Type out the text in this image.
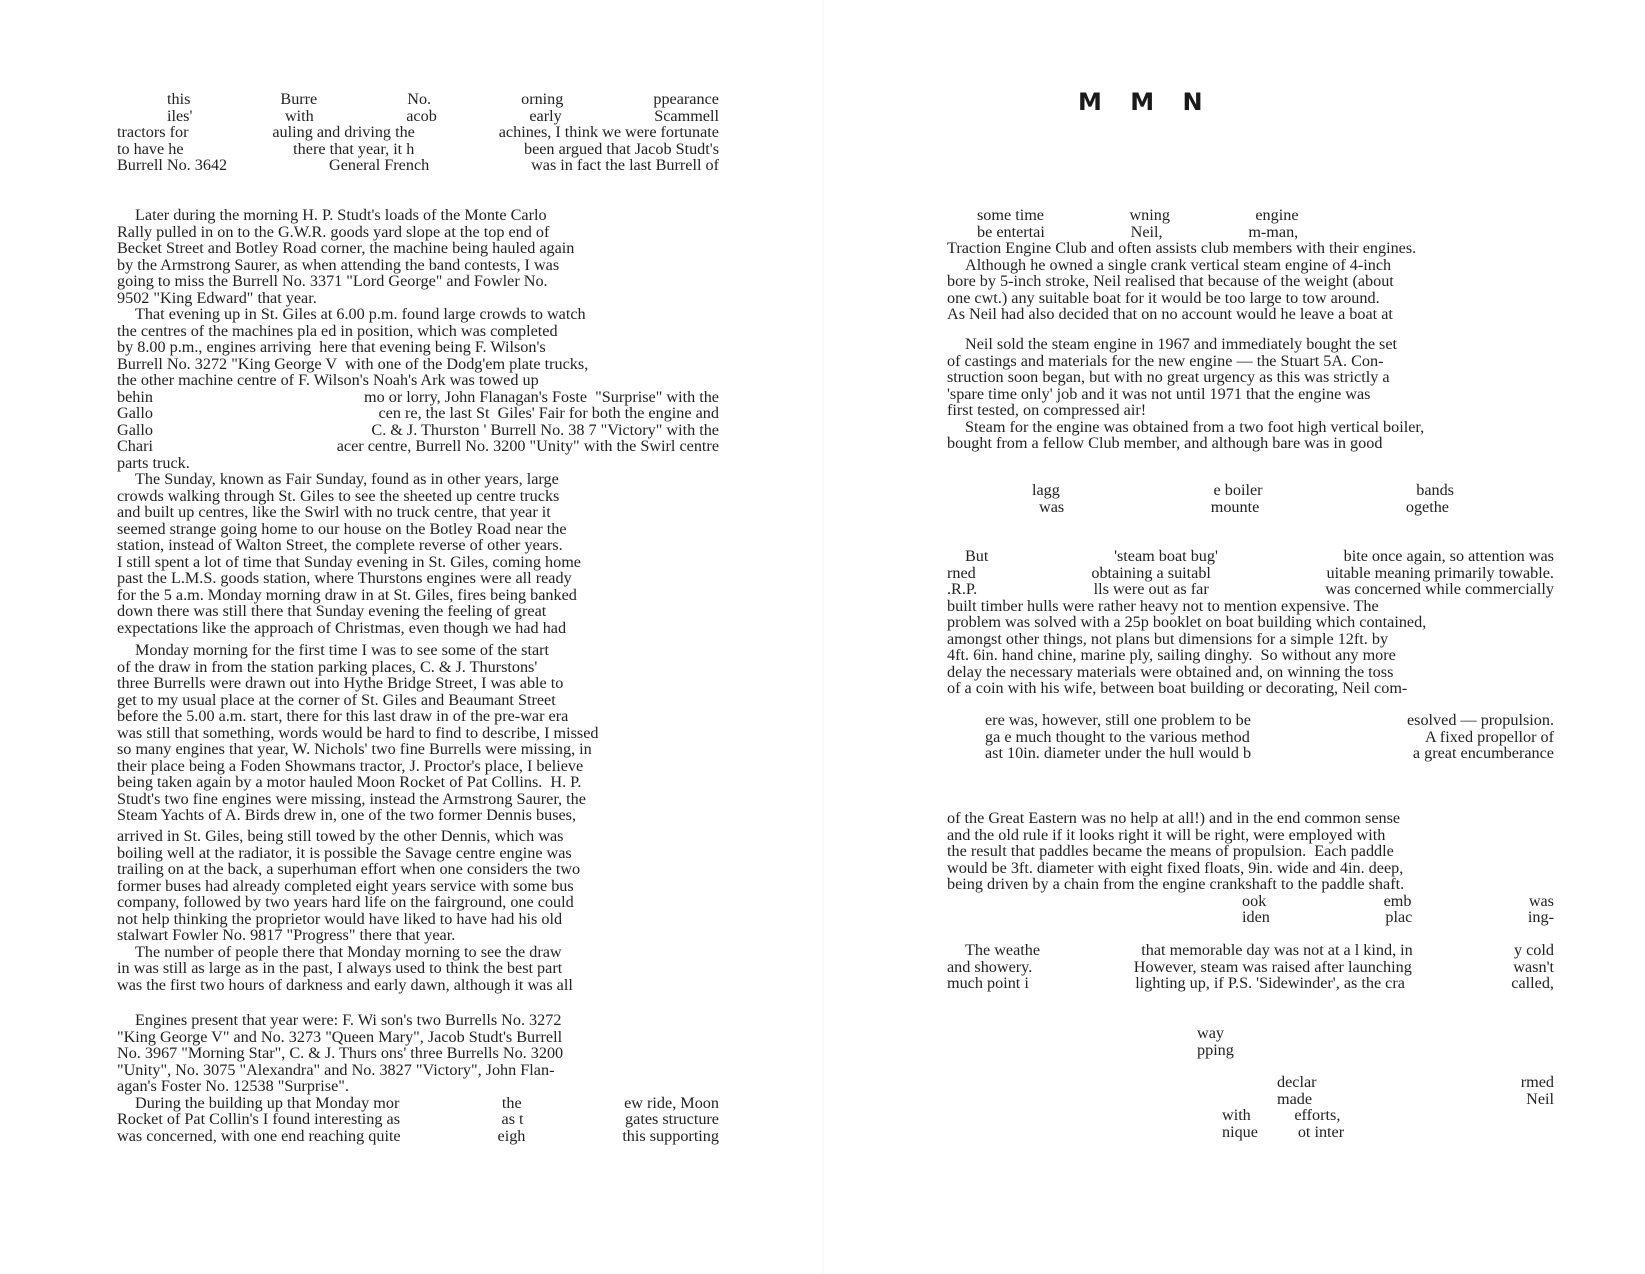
this	Burre	No.	orning	ppearance
iles'	with	acob	early	Scammell
tractors for	auling and driving the	achines, I think we were fortunate
to have he	there that year, it h	been argued that Jacob Studt's
Burrell No. 3642	General French	was in fact the last Burrell of
Later during the morning H. P. Studt's loads of the Monte Carlo
Rally pulled in on to the G.W.R. goods yard slope at the top end of
Becket Street and Botley Road corner, the machine being hauled again
by the Armstrong Saurer, as when attending the band contests, I was
going to miss the Burrell No. 3371 "Lord George" and Fowler No.
9502 "King Edward" that year.
That evening up in St. Giles at 6.00 p.m. found large crowds to watch
the centres of the machines pla ed in position, which was completed
by 8.00 p.m., engines arriving  here that evening being F. Wilson's
Burrell No. 3272 "King George V  with one of the Dodg'em plate trucks,
the other machine centre of F. Wilson's Noah's Ark was towed up
behin	mo or lorry, John Flanagan's Foste  "Surprise" with the
Gallo	cen re, the last St  Giles' Fair for both the engine and
Gallo	C. & J. Thurston ' Burrell No. 38 7 "Victory" with the
Chari	acer centre, Burrell No. 3200 "Unity" with the Swirl centre
parts truck.
The Sunday, known as Fair Sunday, found as in other years, large
crowds walking through St. Giles to see the sheeted up centre trucks
and built up centres, like the Swirl with no truck centre, that year it
seemed strange going home to our house on the Botley Road near the
station, instead of Walton Street, the complete reverse of other years.
I still spent a lot of time that Sunday evening in St. Giles, coming home
past the L.M.S. goods station, where Thurstons engines were all ready
for the 5 a.m. Monday morning draw in at St. Giles, fires being banked
down there was still there that Sunday evening the feeling of great
expectations like the approach of Christmas, even though we had had
Monday morning for the first time I was to see some of the start
of the draw in from the station parking places, C. & J. Thurstons'
three Burrells were drawn out into Hythe Bridge Street, I was able to
get to my usual place at the corner of St. Giles and Beaumant Street
before the 5.00 a.m. start, there for this last draw in of the pre-war era
was still that something, words would be hard to find to describe, I missed
so many engines that year, W. Nichols' two fine Burrells were missing, in
their place being a Foden Showmans tractor, J. Proctor's place, I believe
being taken again by a motor hauled Moon Rocket of Pat Collins.  H. P.
Studt's two fine engines were missing, instead the Armstrong Saurer, the
Steam Yachts of A. Birds drew in, one of the two former Dennis buses,
arrived in St. Giles, being still towed by the other Dennis, which was
boiling well at the radiator, it is possible the Savage centre engine was
trailing on at the back, a superhuman effort when one considers the two
former buses had already completed eight years service with some bus
company, followed by two years hard life on the fairground, one could
not help thinking the proprietor would have liked to have had his old
stalwart Fowler No. 9817 "Progress" there that year.
The number of people there that Monday morning to see the draw
in was still as large as in the past, I always used to think the best part
was the first two hours of darkness and early dawn, although it was all
Engines present that year were: F. Wi son's two Burrells No. 3272
"King George V" and No. 3273 "Queen Mary", Jacob Studt's Burrell
No. 3967 "Morning Star", C. & J. Thurs ons' three Burrells No. 3200
"Unity", No. 3075 "Alexandra" and No. 3827 "Victory", John Flan-
agan's Foster No. 12538 "Surprise".
During the building up that Monday mor	the	ew ride, Moon
Rocket of Pat Collin's I found interesting as	as t	gates structure
was concerned, with one end reaching quite	eigh	this supporting
M M N
some time	wning	engine
be entertai	Neil,	m-man,
Traction Engine Club and often assists club members with their engines.
Although he owned a single crank vertical steam engine of 4-inch
bore by 5-inch stroke, Neil realised that because of the weight (about
one cwt.) any suitable boat for it would be too large to tow around.
As Neil had also decided that on no account would he leave a boat at
Neil sold the steam engine in 1967 and immediately bought the set
of castings and materials for the new engine — the Stuart 5A. Con-
struction soon began, but with no great urgency as this was strictly a
'spare time only' job and it was not until 1971 that the engine was
first tested, on compressed air!
Steam for the engine was obtained from a two foot high vertical boiler,
bought from a fellow Club member, and although bare was in good
lagg	e boiler	bands
was	mounte	ogethe
But	'steam boat bug'	bite once again, so attention was
rned	obtaining a suitabl	uitable meaning primarily towable.
.R.P.	lls were out as far	was concerned while commercially
built timber hulls were rather heavy not to mention expensive. The
problem was solved with a 25p booklet on boat building which contained,
amongst other things, not plans but dimensions for a simple 12ft. by
4ft. 6in. hand chine, marine ply, sailing dinghy.  So without any more
delay the necessary materials were obtained and, on winning the toss
of a coin with his wife, between boat building or decorating, Neil com-
ere was, however, still one problem to be	esolved — propulsion.
ga e much thought to the various method	A fixed propellor of
ast 10in. diameter under the hull would b	a great encumberance
of the Great Eastern was no help at all!) and in the end common sense
and the old rule if it looks right it will be right, were employed with
the result that paddles became the means of propulsion.  Each paddle
would be 3ft. diameter with eight fixed floats, 9in. wide and 4in. deep,
being driven by a chain from the engine crankshaft to the paddle shaft.
ook	emb	was
iden	plac	ing-
The weathe	that memorable day was not at a l kind, in	y cold
and showery.	However, steam was raised after launching	wasn't
much point i	lighting up, if P.S. 'Sidewinder', as the cra	called,
way
pping
declar	rmed
made	Neil
with	efforts,
nique ot inter
